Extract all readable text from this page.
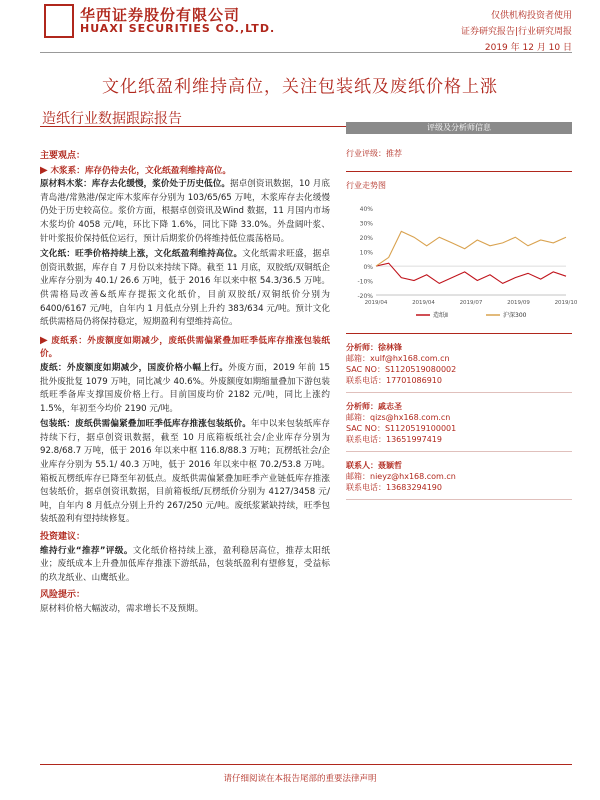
华西证券股份有限公司
HUAXI SECURITIES CO.,LTD.
仅供机构投资者使用
证券研究报告|行业研究周报
2019 年 12 月 10 日
文化纸盈利维持高位，关注包装纸及废纸价格上涨
造纸行业数据跟踪报告

主要观点：

▶ 木浆系：库存仍待去化，文化纸盈利维持高位。

原材料木浆：库存去化缓慢，浆价处于历史低位。据卓创资讯数据，10 月底青岛港/常熟港/保定库木浆库存分别为 103/65/65 万吨，木浆库存去化缓慢仍处于历史较高位。浆价方面，根据卓创资讯及Wind 数据，11 月国内市场木浆均价 4058 元/吨，环比下降 1.6%，同比下降 33.0%。外盘阔叶浆、针叶浆报价保持低位运行，预计后期浆价仍将维持低位震荡格局。

文化纸：旺季价格持续上涨，文化纸盈利维持高位。文化纸需求旺盛，据卓创资讯数据，库存自 7 月份以来持续下降。截至 11 月底，双胶纸/双铜纸企业库存分别为 40.1/ 26.6 万吨，低于 2016 年以来中枢 54.3/36.5 万吨。供需格局改善&纸库存提振文化纸价，目前双胶纸/双铜纸价分别为 6400/6167 元/吨，自年内 1 月低点分别上升约 383/634 元/吨。预计文化纸供需格局仍将保持稳定，短期盈利有望维持高位。

▶ 废纸系：外废额度如期减少，废纸供需偏紧叠加旺季低库存推涨包装纸价。

废纸：外废额度如期减少，国废价格小幅上行。外废方面，2019 年前 15 批外废批复 1079 万吨，同比减少 40.6%。外废额度如期缩量叠加下游包装纸旺季备库支撑国废价格上行。目前国废均价 2182 元/吨，同比上涨约 1.5%，年初至今均价 2190 元/吨。

包装纸：废纸供需偏紧叠加旺季低库存推涨包装纸价。年中以来包装纸库存持续下行，据卓创资讯数据，截至 10 月底箱板纸社会/企业库存分别为 92.8/68.7 万吨，低于 2016 年以来中枢 116.8/88.3 万吨；瓦楞纸社会/企业库存分别为 55.1/ 40.3 万吨，低于 2016 年以来中枢 70.2/53.8 万吨。箱板瓦楞纸库存已降至年初低点。废纸供需偏紧叠加旺季产业链低库存推涨包装纸价，据卓创资讯数据，目前箱板纸/瓦楞纸价分别为 4127/3458 元/吨，自年内 8 月低点分别上升约 267/250 元/吨。废纸浆紧缺持续，旺季包装纸盈利有望持续修复。

投资建议：

维持行业“推荐”评级。文化纸价格持续上涨，盈利稳居高位，推荐太阳纸业；废纸成本上升叠加低库存推涨下游纸品，包装纸盈利有望修复，受益标的玖龙纸业、山鹰纸业。

风险提示：

原材料价格大幅波动，需求增长不及预期。

评级及分析师信息
行业评级：推荐
行业走势图
40%
30%
20%
10%
0%
-10%
-20%
2019/04	2019/04	2019/07	2019/09	2019/10
造纸Ⅱ	沪深300
分析师：徐林锋
邮箱：xulf@hx168.com.cn
SAC NO：S1120519080002
联系电话：17701086910
分析师：戚志圣
邮箱：qizs@hx168.com.cn
SAC NO：S1120519100001
联系电话：13651997419
联系人：聂颖哲
邮箱：nieyz@hx168.com.cn
联系电话：13683294190
请仔细阅读在本报告尾部的重要法律声明
